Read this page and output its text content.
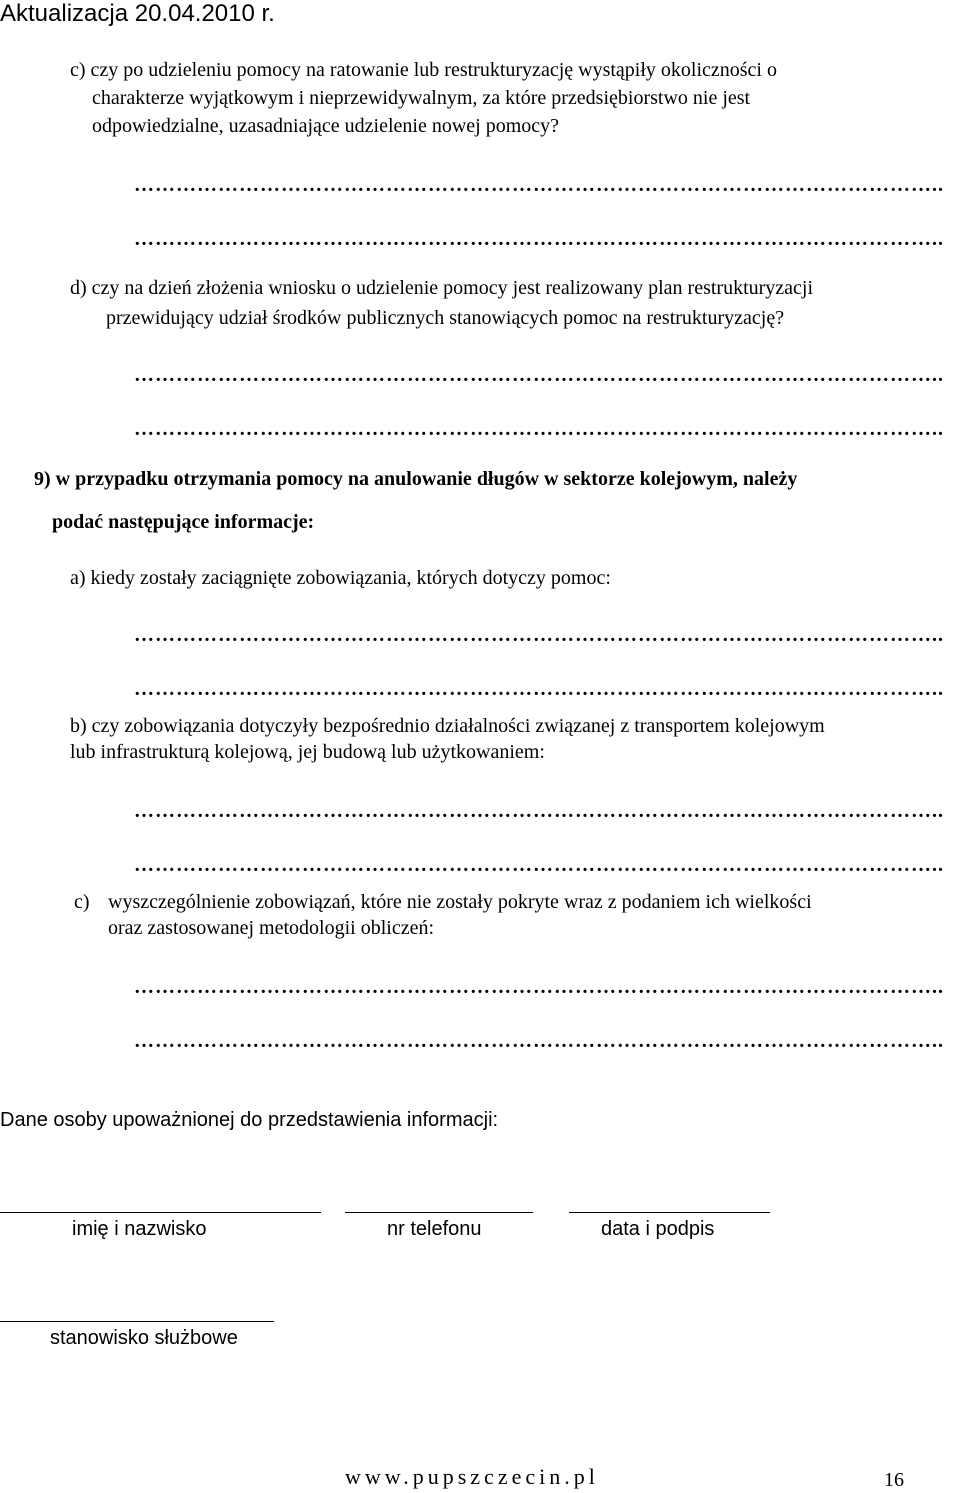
Aktualizacja 20.04.2010 r.
c) czy po udzieleniu pomocy na ratowanie lub restrukturyzację wystąpiły okoliczności o
charakterze wyjątkowym i nieprzewidywalnym, za które przedsiębiorstwo nie jest
odpowiedzialne, uzasadniające udzielenie nowej pomocy?
……………………………………………………………………………………………………..
……………………………………………………………………………………………………..
d) czy na dzień złożenia wniosku o udzielenie pomocy jest realizowany plan restrukturyzacji
przewidujący udział środków publicznych stanowiących pomoc na restrukturyzację?
……………………………………………………………………………………………………..
……………………………………………………………………………………………………..
9) w przypadku otrzymania pomocy na anulowanie długów w sektorze kolejowym, należy
podać następujące informacje:
a) kiedy zostały zaciągnięte zobowiązania, których dotyczy pomoc:
……………………………………………………………………………………………………..
……………………………………………………………………………………………………..
b) czy zobowiązania dotyczyły bezpośrednio działalności związanej z transportem kolejowym
lub infrastrukturą kolejową, jej budową lub użytkowaniem:
……………………………………………………………………………………………………..
……………………………………………………………………………………………………..
c) wyszczególnienie zobowiązań, które nie zostały pokryte wraz z podaniem ich wielkości
oraz zastosowanej metodologii obliczeń:
……………………………………………………………………………………………………..
……………………………………………………………………………………………………..
Dane osoby upoważnionej do przedstawienia informacji:
imię i nazwisko	nr telefonu	data i podpis
stanowisko służbowe
www.pupszczecin.pl	16
